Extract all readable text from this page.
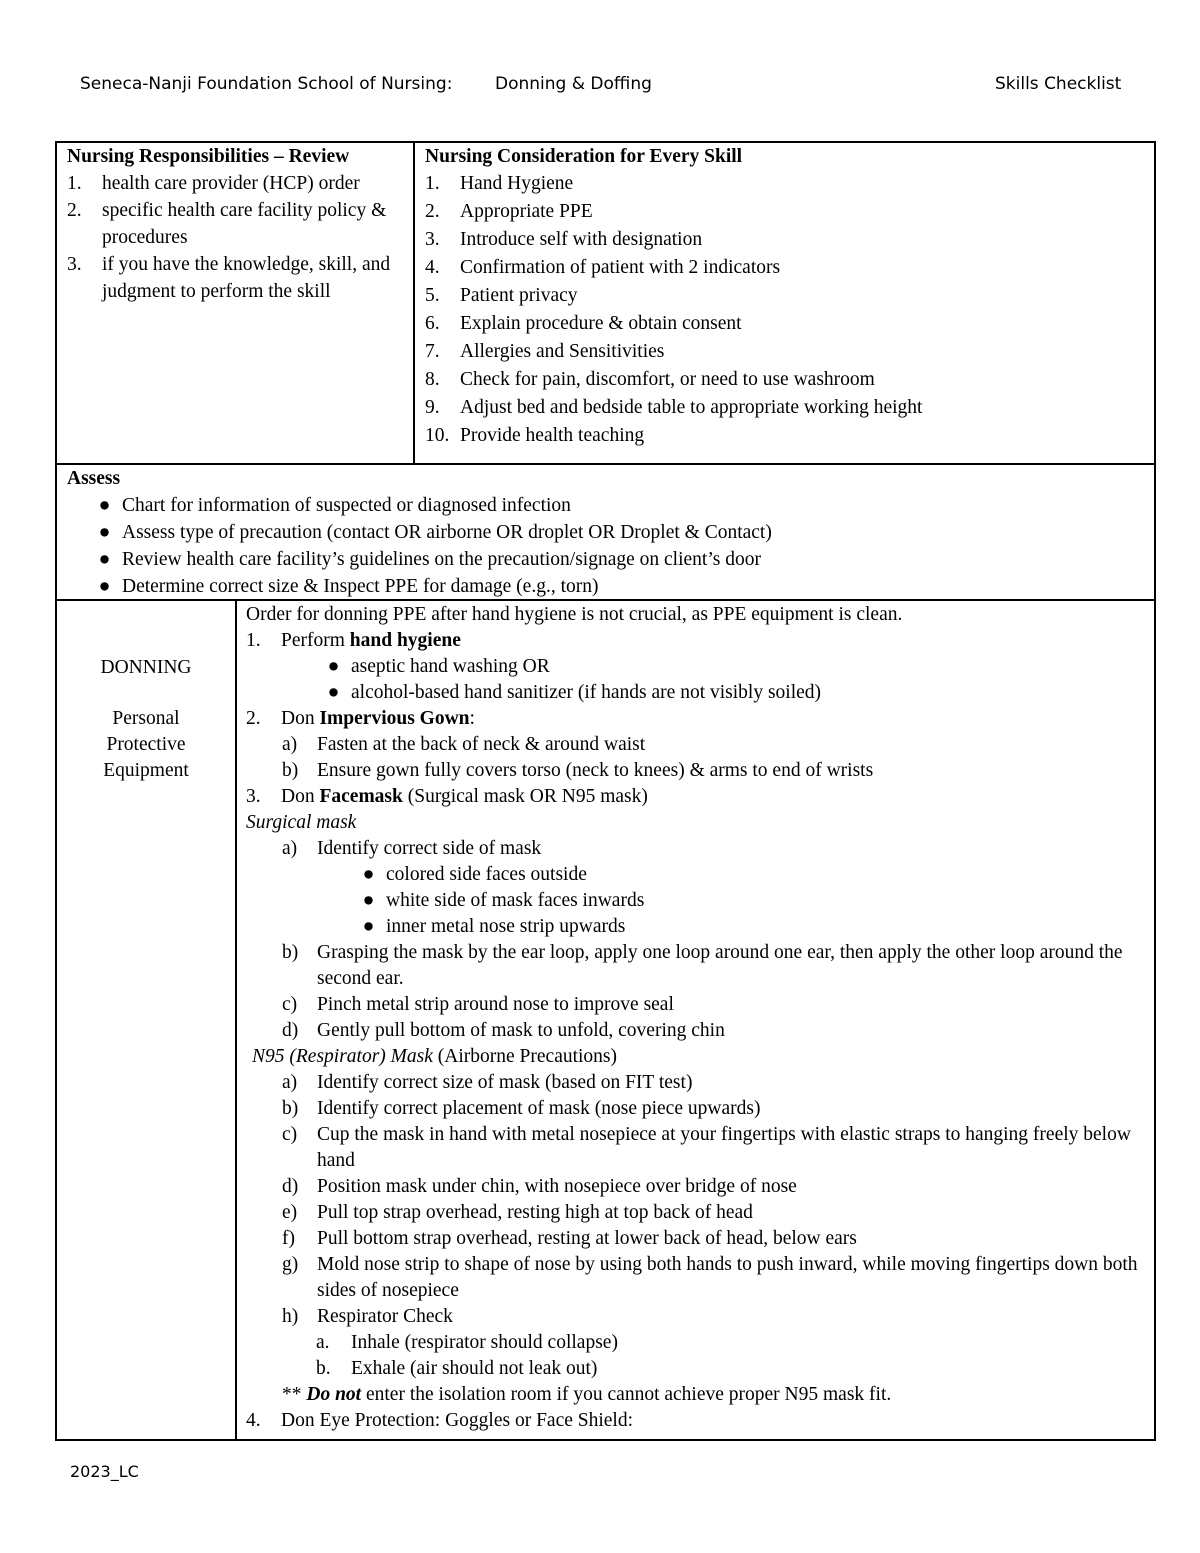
Seneca-Nanji Foundation School of Nursing:	Donning & Doffing	Skills Checklist
Nursing Responsibilities – Review
1.	health care provider (HCP) order
2.	specific health care facility policy & procedures
3.	if you have the knowledge, skill, and judgment to perform the skill
Nursing Consideration for Every Skill
1.	Hand Hygiene
2.	Appropriate PPE
3.	Introduce self with designation
4.	Confirmation of patient with 2 indicators
5.	Patient privacy
6.	Explain procedure & obtain consent
7.	Allergies and Sensitivities
8.	Check for pain, discomfort, or need to use washroom
9.	Adjust bed and bedside table to appropriate working height
10. Provide health teaching
Assess
● Chart for information of suspected or diagnosed infection
● Assess type of precaution (contact OR airborne OR droplet OR Droplet & Contact)
● Review health care facility’s guidelines on the precaution/signage on client’s door
● Determine correct size & Inspect PPE for damage (e.g., torn)
DONNING
Personal
Protective
Equipment
Order for donning PPE after hand hygiene is not crucial, as PPE equipment is clean.
1.	Perform hand hygiene
● aseptic hand washing OR
● alcohol-based hand sanitizer (if hands are not visibly soiled)
2.	Don Impervious Gown:
a)	Fasten at the back of neck & around waist
b) Ensure gown fully covers torso (neck to knees) & arms to end of wrists
3.	Don Facemask (Surgical mask OR N95 mask)
Surgical mask
a)	Identify correct side of mask
● colored side faces outside
● white side of mask faces inwards
● inner metal nose strip upwards
b) Grasping the mask by the ear loop, apply one loop around one ear, then apply the other loop around the second ear.
c)	Pinch metal strip around nose to improve seal
d) Gently pull bottom of mask to unfold, covering chin
N95 (Respirator) Mask (Airborne Precautions)
a)	Identify correct size of mask (based on FIT test)
b) Identify correct placement of mask (nose piece upwards)
c)	Cup the mask in hand with metal nosepiece at your fingertips with elastic straps to hanging freely below hand
d) Position mask under chin, with nosepiece over bridge of nose
e)	Pull top strap overhead, resting high at top back of head
f)	Pull bottom strap overhead, resting at lower back of head, below ears
g) Mold nose strip to shape of nose by using both hands to push inward, while moving fingertips down both sides of nosepiece
h) Respirator Check
a.	Inhale (respirator should collapse)
b.	Exhale (air should not leak out)
** Do not enter the isolation room if you cannot achieve proper N95 mask fit.
4.	Don Eye Protection: Goggles or Face Shield:
2023_LC
